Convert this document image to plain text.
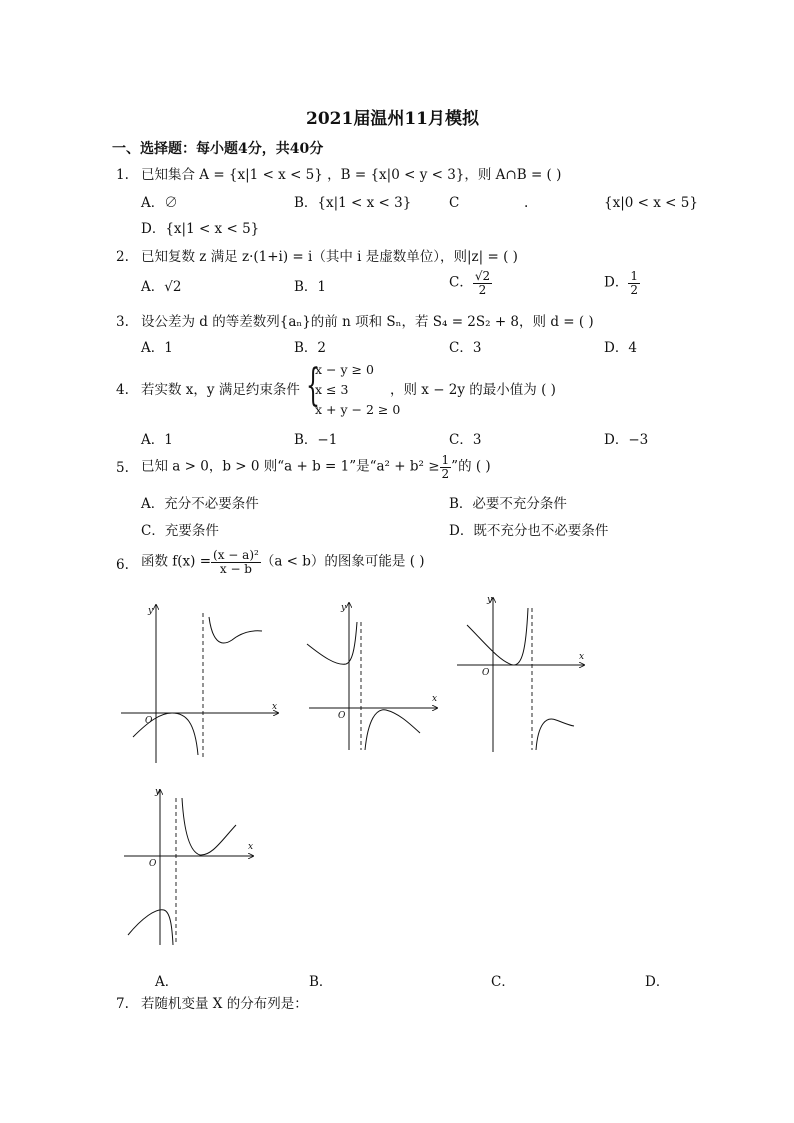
2021届温州11月模拟
一、选择题：每小题4分，共40分
1. 已知集合 A = {x|1 < x < 5} ，B = {x|0 < y < 3}，则 A∩B = ( )
A．∅	B．{x|1 < x < 3}	C	.	{x|0 < x < 5}
D．{x|1 < x < 5}
2. 已知复数 z 满足 z·(1+i) = i（其中 i 是虚数单位），则|z| = ( )
A．√2	B．1	C． $\frac{√2}{2}$	D． $\frac{1}{2}$
3. 设公差为 d 的等差数列{aₙ}的前 n 项和 Sₙ，若 S₄ = 2S₂ + 8，则 d = ( )
A．1	B．2	C．3	D．4
4. 若实数 x，y 满足约束条件 {
x − y ≥ 0
x ≤ 3
x + y − 2 ≥ 0
，则 x − 2y 的最小值为 ( )
A．1	B．−1	C．3	D．−3
5. 已知 a > 0，b > 0 则“a + b = 1”是“$a^2 + b^2 \ge \frac{1}{2}$ ”的 ( )
A．充分不必要条件	B．必要不充分条件
C．充要条件	D．既不充分也不必要条件
6. 函数 $f(x) = \frac{\text{(x − a)²}}{x - b} (a < b)$的图象可能是 ( )
x
y
O
x
y
O
x
y
O
x
y
O
A．	B．	C．	D．
7. 若随机变量 X 的分布列是：
